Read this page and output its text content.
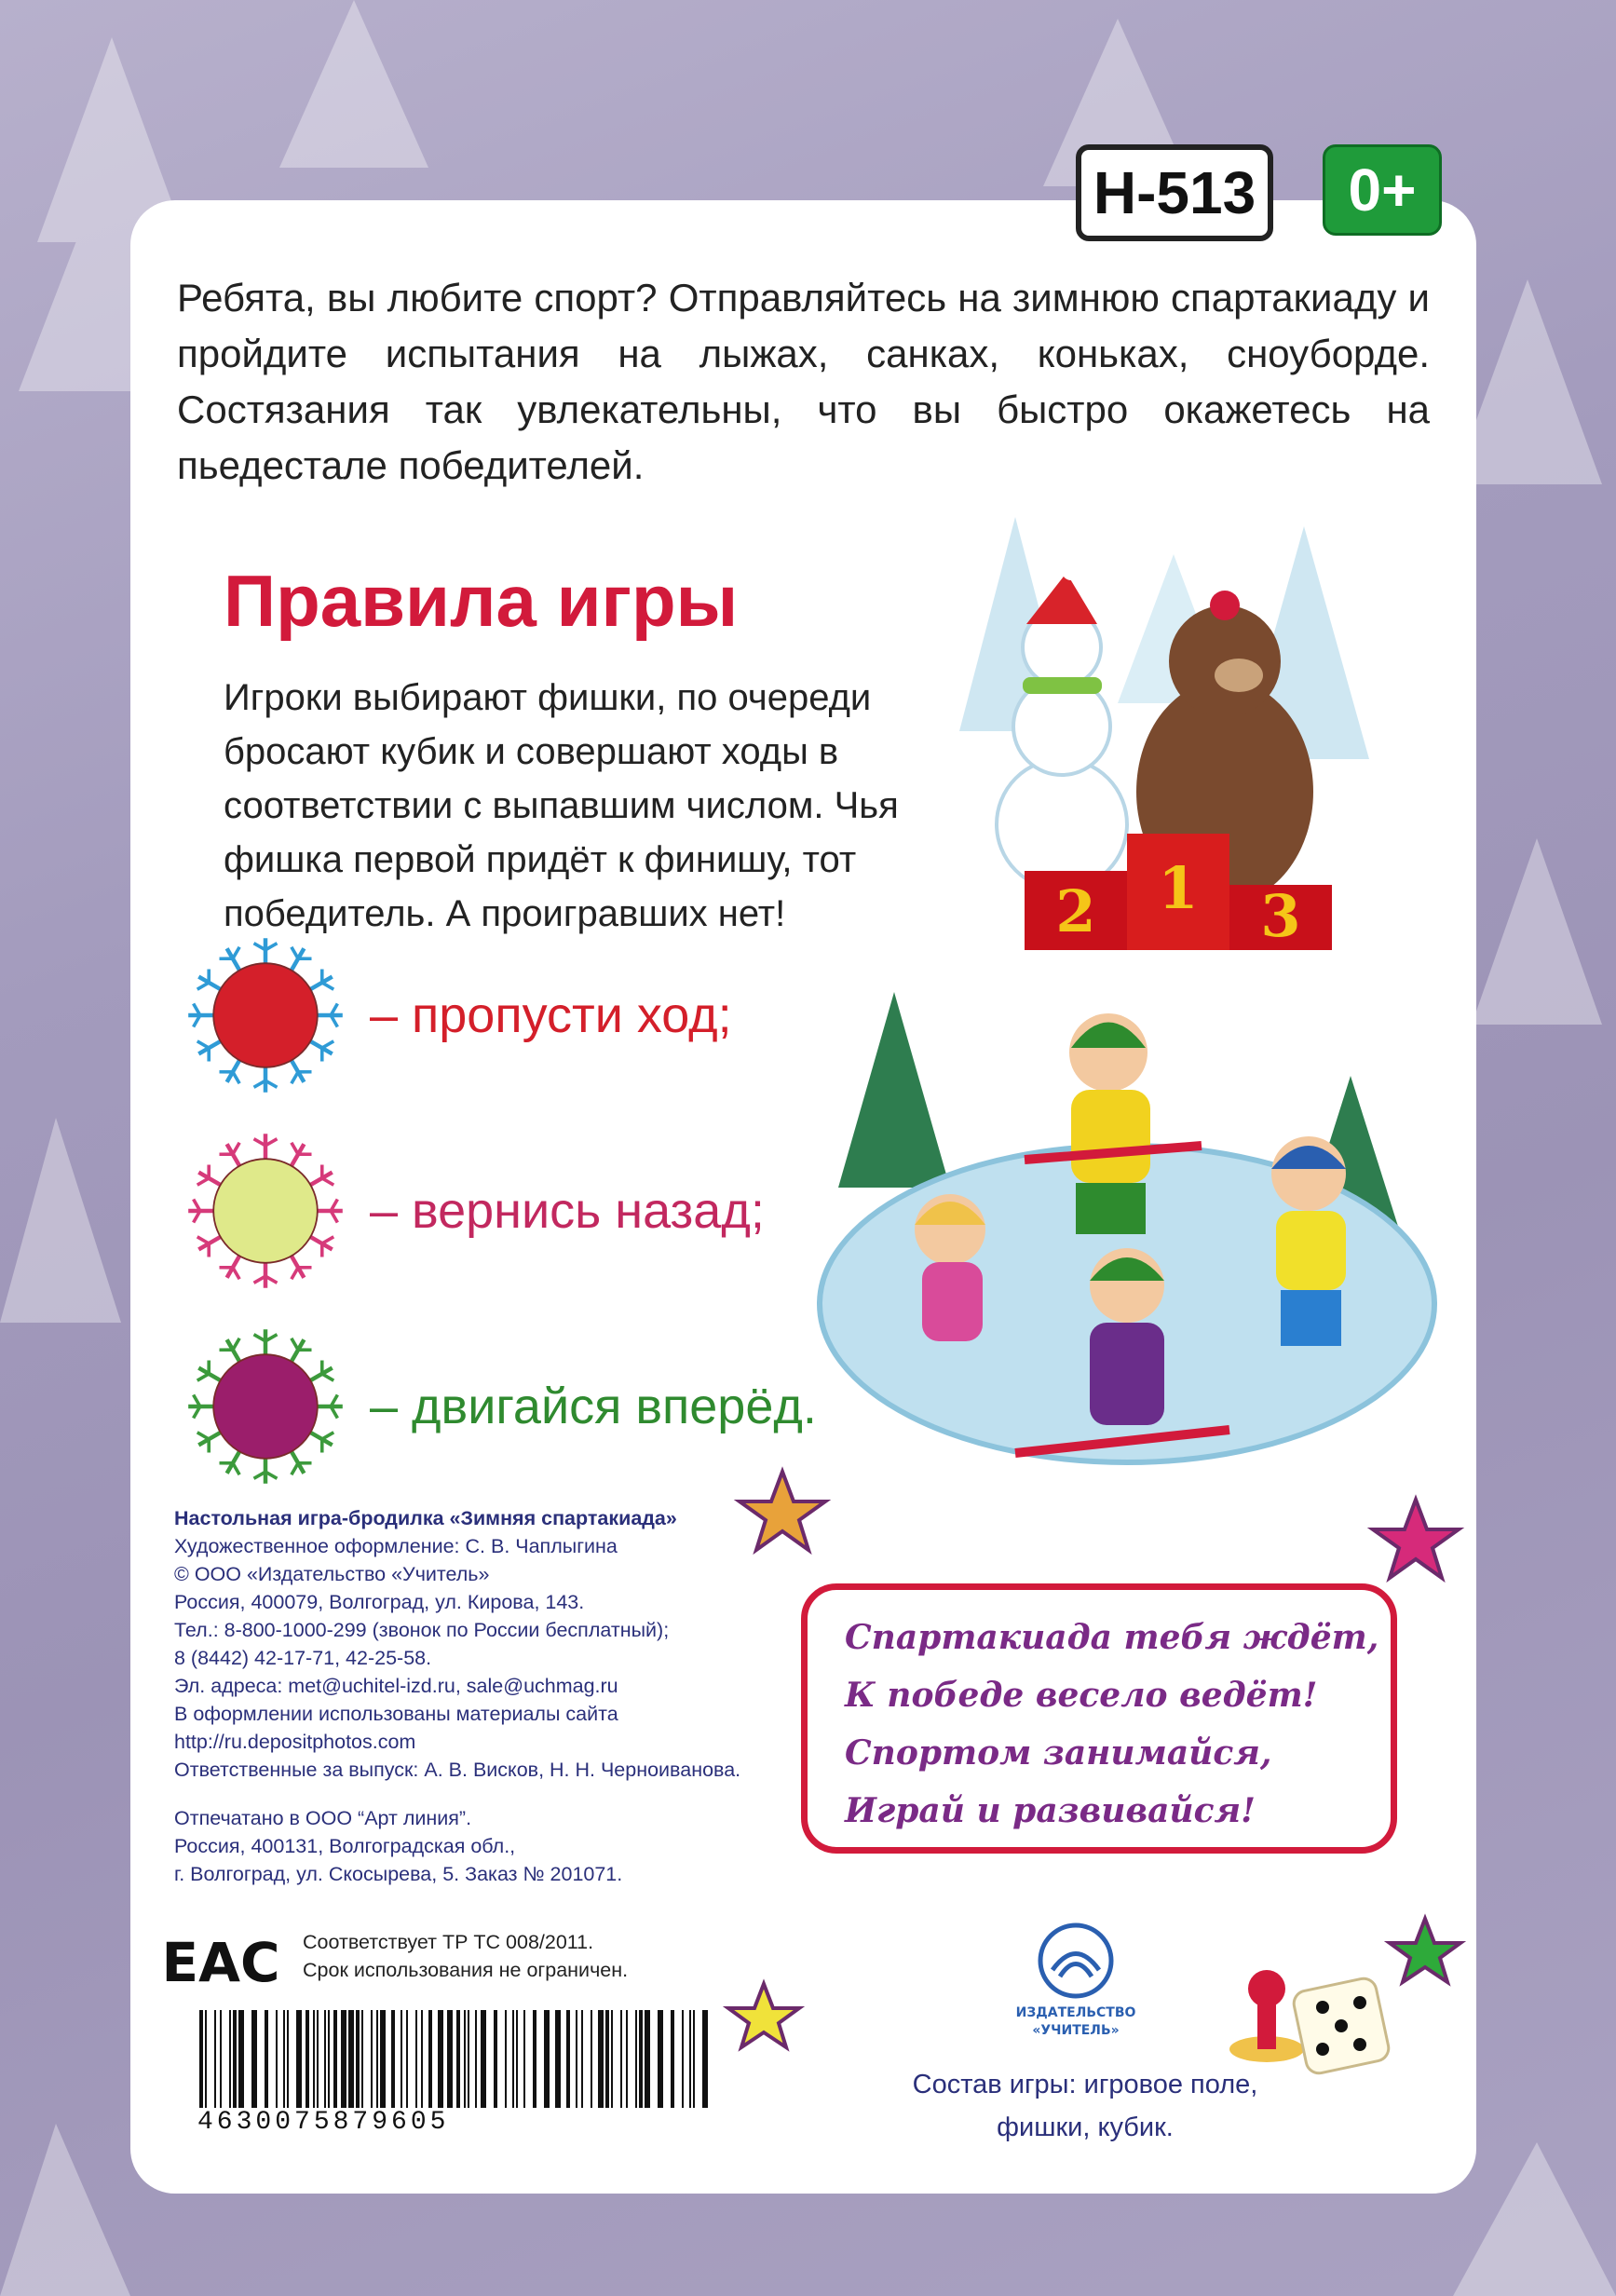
H-513	0+
Ребята, вы любите спорт? Отправляйтесь на зимнюю спартакиаду и пройдите испытания на лыжах, санках, коньках, сноуборде. Состязания так увлекательны, что вы быстро окажетесь на пьедестале победителей.
Правила игры
Игроки выбирают фишки, по очереди бросают кубик и совершают ходы в соответствии с выпавшим числом. Чья фишка первой придёт к финишу, тот победитель. А проигравших нет!	2 1 3
– пропусти ход;
– вернись назад;
– двигайся вперёд.
Настольная игра-бродилка «Зимняя спартакиада»
Художественное оформление: С. В. Чаплыгина
© ООО «Издательство «Учитель»
Россия, 400079, Волгоград, ул. Кирова, 143.
Тел.: 8-800-1000-299 (звонок по России бесплатный);
8 (8442) 42-17-71, 42-25-58.
Эл. адреса: met@uchitel-izd.ru, sale@uchmag.ru
В оформлении использованы материалы сайта
http://ru.depositphotos.com
Ответственные за выпуск: А. В. Висков, Н. Н. Черноиванова.
Отпечатано в ООО “Арт линия”.
Россия, 400131, Волгоградская обл.,
г. Волгоград, ул. Скосырева, 5. Заказ № 201071.
EAC Соответствует ТР ТС 008/2011.
Срок использования не ограничен.
4630075879605
Спартакиада тебя ждёт,
К победе весело ведёт!
Спортом занимайся,
Играй и развивайся!
ИЗДАТЕЛЬСТВО
«УЧИТЕЛЬ»
Состав игры: игровое поле,
фишки, кубик.
